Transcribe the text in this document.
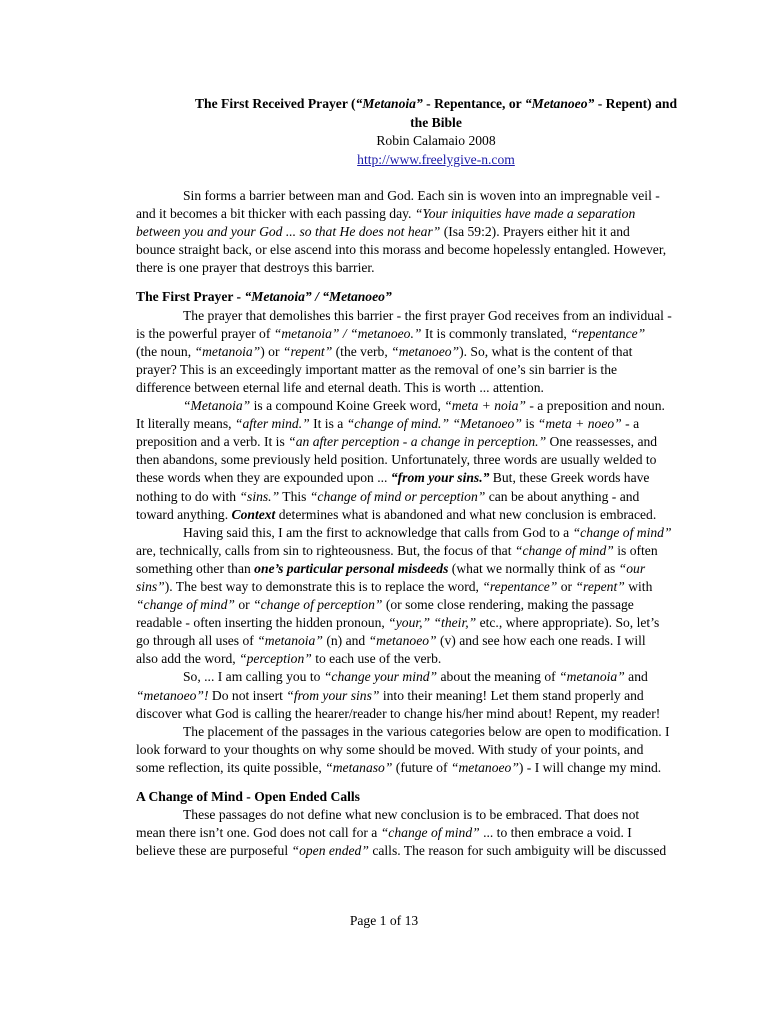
The First Received Prayer (“Metanoia” - Repentance, or “Metanoeo” - Repent) and
the Bible
Robin Calamaio 2008
http://www.freelygive-n.com
Sin forms a barrier between man and God. Each sin is woven into an impregnable veil -
and it becomes a bit thicker with each passing day. “Your iniquities have made a separation
between you and your God ... so that He does not hear” (Isa 59:2). Prayers either hit it and
bounce straight back, or else ascend into this morass and become hopelessly entangled. However,
there is one prayer that destroys this barrier.
The First Prayer - “Metanoia” / “Metanoeo”
The prayer that demolishes this barrier - the first prayer God receives from an individual -
is the powerful prayer of “metanoia” / “metanoeo.” It is commonly translated, “repentance”
(the noun, “metanoia”) or “repent” (the verb, “metanoeo”). So, what is the content of that
prayer? This is an exceedingly important matter as the removal of one’s sin barrier is the
difference between eternal life and eternal death. This is worth ... attention.
“Metanoia” is a compound Koine Greek word, “meta + noia” - a preposition and noun.
It literally means, “after mind.” It is a “change of mind.” “Metanoeo” is “meta + noeo” - a
preposition and a verb. It is “an after perception - a change in perception.” One reassesses, and
then abandons, some previously held position. Unfortunately, three words are usually welded to
these words when they are expounded upon ... “from your sins.” But, these Greek words have
nothing to do with “sins.” This “change of mind or perception” can be about anything - and
toward anything. Context determines what is abandoned and what new conclusion is embraced.
Having said this, I am the first to acknowledge that calls from God to a “change of mind”
are, technically, calls from sin to righteousness. But, the focus of that “change of mind” is often
something other than one’s particular personal misdeeds (what we normally think of as “our
sins”). The best way to demonstrate this is to replace the word, “repentance” or “repent” with
“change of mind” or “change of perception” (or some close rendering, making the passage
readable - often inserting the hidden pronoun, “your,” “their,” etc., where appropriate). So, let’s
go through all uses of “metanoia” (n) and “metanoeo” (v) and see how each one reads. I will
also add the word, “perception” to each use of the verb.
So, ... I am calling you to “change your mind” about the meaning of “metanoia” and
“metanoeo”! Do not insert “from your sins” into their meaning! Let them stand properly and
discover what God is calling the hearer/reader to change his/her mind about! Repent, my reader!
The placement of the passages in the various categories below are open to modification. I
look forward to your thoughts on why some should be moved. With study of your points, and
some reflection, its quite possible, “metanaso” (future of “metanoeo”) - I will change my mind.
A Change of Mind - Open Ended Calls
These passages do not define what new conclusion is to be embraced. That does not
mean there isn’t one. God does not call for a “change of mind” ... to then embrace a void. I
believe these are purposeful “open ended” calls. The reason for such ambiguity will be discussed
Page 1 of 13
